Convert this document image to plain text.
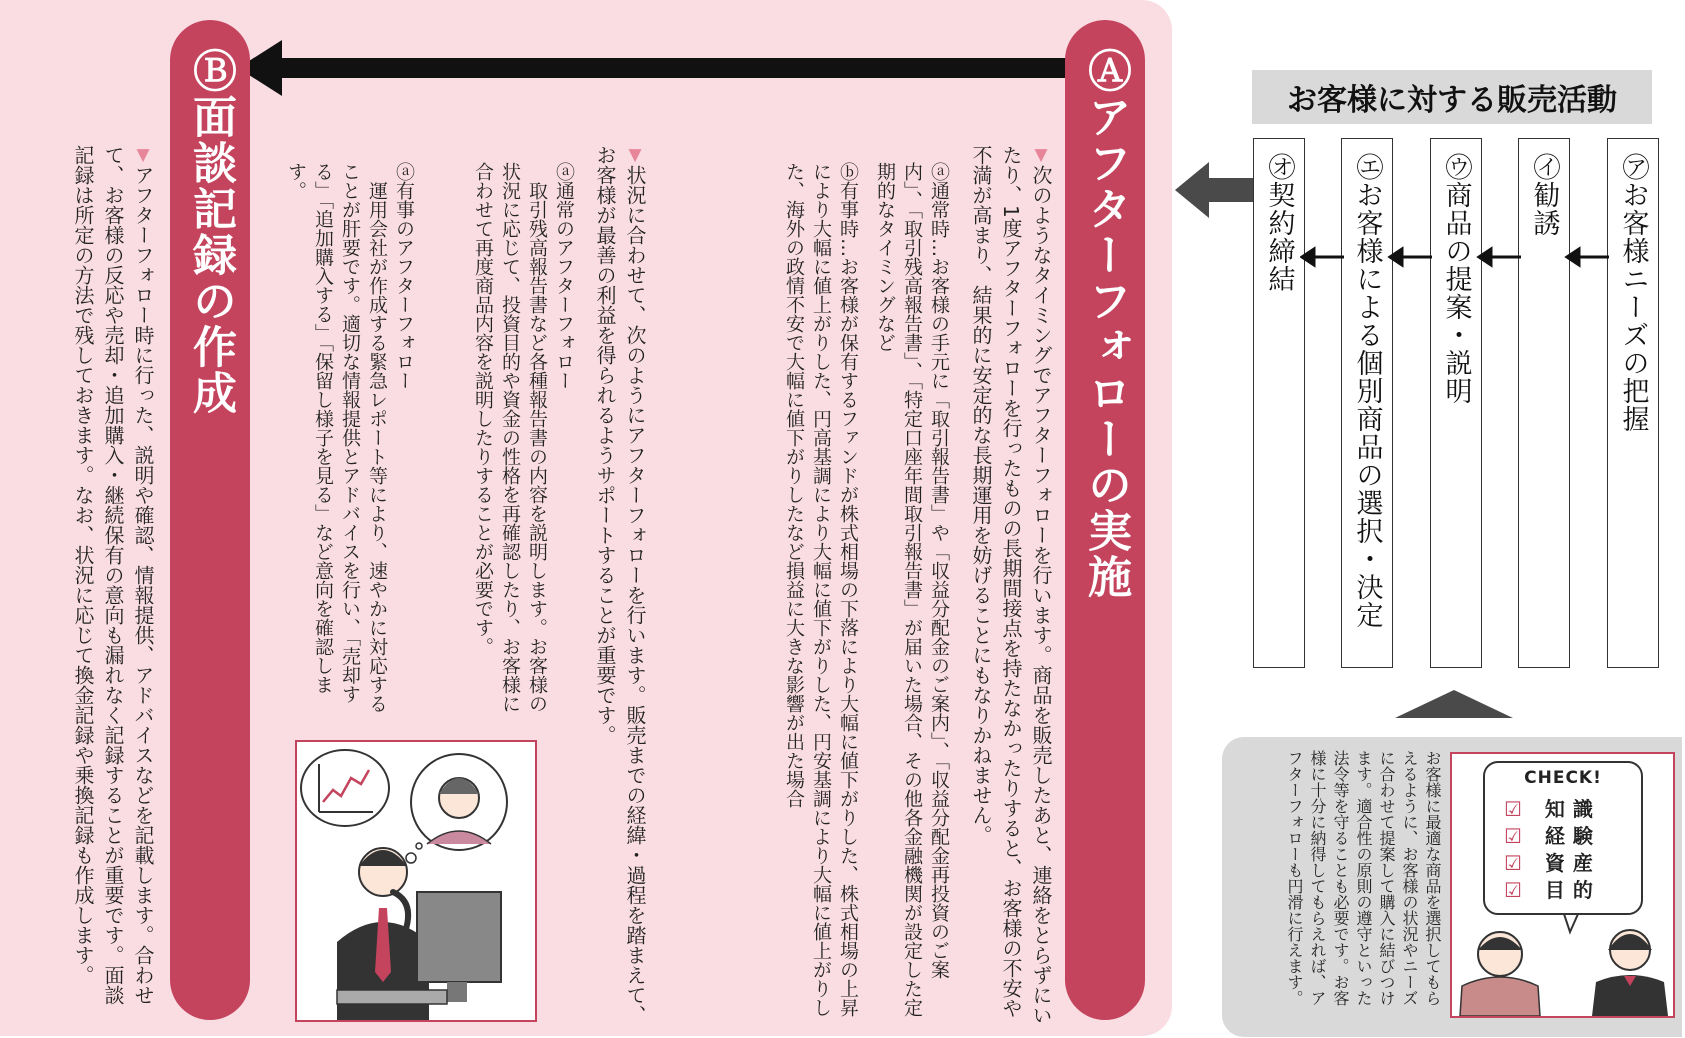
Ⓐアフターフォローの実施
Ⓑ面談記録の作成	▼次のようなタイミングでアフターフォローを行います。商品を販売したあと、連絡をとらずにいたり、1度アフターフォローを行ったものの長期間接点を持たなかったりすると、お客様の不安や不満が高まり、結果的に安定的な長期運用を妨げることにもなりかねません。
ⓐ通常時…お客様の手元に「取引報告書」や「収益分配金のご案内」、「収益分配金再投資のご案内」、「取引残高報告書」、「特定口座年間取引報告書」が届いた場合、その他各金融機関が設定した定期的なタイミングなど
ⓑ有事時…お客様が保有するファンドが株式相場の下落により大幅に値下がりした、株式相場の上昇により大幅に値上がりした、円高基調により大幅に値下がりした、円安基調により大幅に値上がりした、海外の政情不安で大幅に値下がりしたなど損益に大きな影響が出た場合
▼状況に合わせて、次のようにアフターフォローを行います。販売までの経緯・過程を踏まえて、お客様が最善の利益を得られるようサポートすることが重要です。
ⓐ通常のアフターフォロー
取引残高報告書など各種報告書の内容を説明します。お客様の状況に応じて、投資目的や資金の性格を再確認したり、お客様に合わせて再度商品内容を説明したりすることが必要です。
ⓐ有事のアフターフォロー
運用会社が作成する緊急レポート等により、速やかに対応することが肝要です。適切な情報提供とアドバイスを行い、「売却する」「追加購入する」「保留し様子を見る」など意向を確認します。
▼アフターフォロー時に行った、説明や確認、情報提供、アドバイスなどを記載します。合わせて、お客様の反応や売却・追加購入・継続保有の意向も漏れなく記録することが重要です。面談記録は所定の方法で残しておきます。なお、状況に応じて換金記録や乗換記録も作成します。
お客様に対する販売活動
㋐お客様ニーズの把握
㋑勧誘
㋒商品の提案・説明
㋓お客様による個別商品の選択・決定
㋔契約締結
お客様に最適な商品を選択してもらえるように、お客様の状況やニーズに合わせて提案して購入に結びつけます。適合性の原則の遵守といった法令等を守ることも必要です。お客様に十分に納得してもらえれば、アフターフォローも円滑に行えます。	CHECK!
☑ 知識
☑ 経験
☑ 資産
☑ 目的
